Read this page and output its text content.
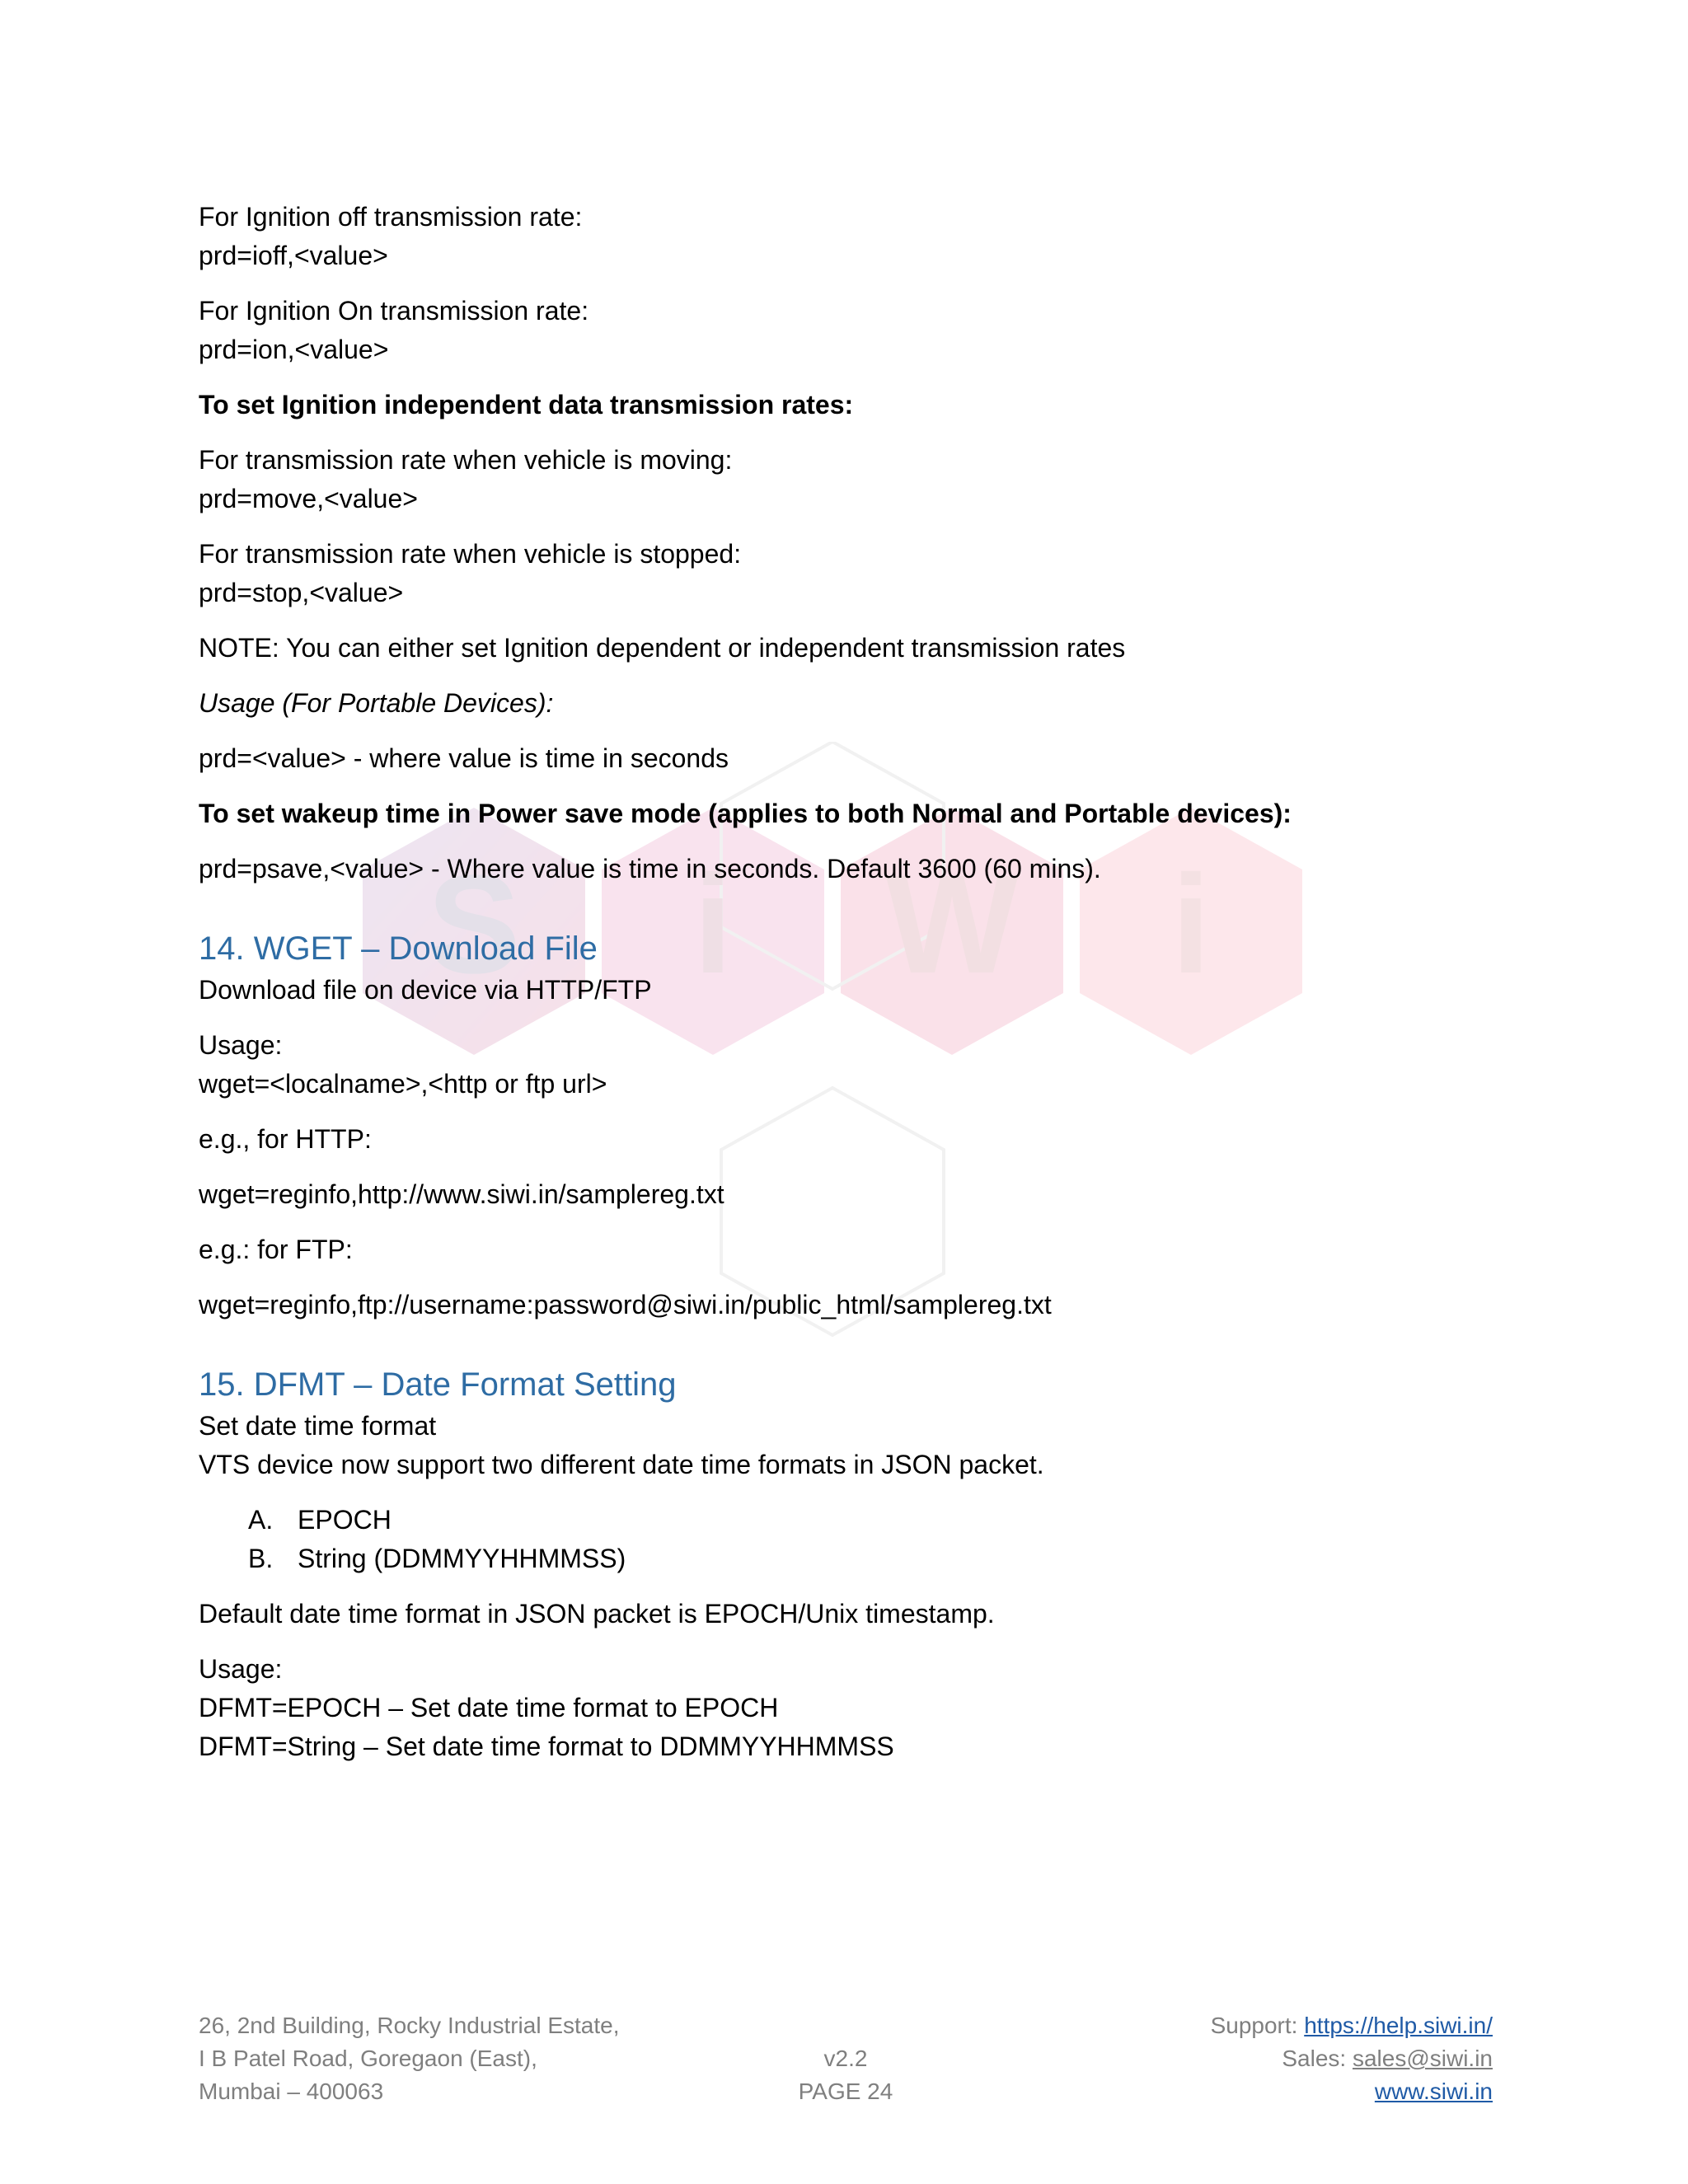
S i W i

For Ignition off transmission rate:
prd=ioff,<value>

For Ignition On transmission rate:
prd=ion,<value>

To set Ignition independent data transmission rates:

For transmission rate when vehicle is moving:
prd=move,<value>

For transmission rate when vehicle is stopped:
prd=stop,<value>

NOTE: You can either set Ignition dependent or independent transmission rates

Usage (For Portable Devices):

prd=<value> - where value is time in seconds

To set wakeup time in Power save mode (applies to both Normal and Portable devices):

prd=psave,<value> - Where value is time in seconds. Default 3600 (60 mins).

14. WGET – Download File

Download file on device via HTTP/FTP

Usage:
wget=<localname>,<http or ftp url>

e.g., for HTTP:

wget=reginfo,http://www.siwi.in/samplereg.txt

e.g.: for FTP:

wget=reginfo,ftp://username:password@siwi.in/public_html/samplereg.txt

15. DFMT – Date Format Setting

Set date time format
VTS device now support two different date time formats in JSON packet.

A. EPOCH
B. String (DDMMYYHHMMSS)

Default date time format in JSON packet is EPOCH/Unix timestamp.

Usage:
DFMT=EPOCH – Set date time format to EPOCH
DFMT=String – Set date time format to DDMMYYHHMMSS

26, 2nd Building, Rocky Industrial Estate,
I B Patel Road, Goregaon (East),
Mumbai – 400063
v2.2
PAGE 24
Support: https://help.siwi.in/
Sales: sales@siwi.in
www.siwi.in
